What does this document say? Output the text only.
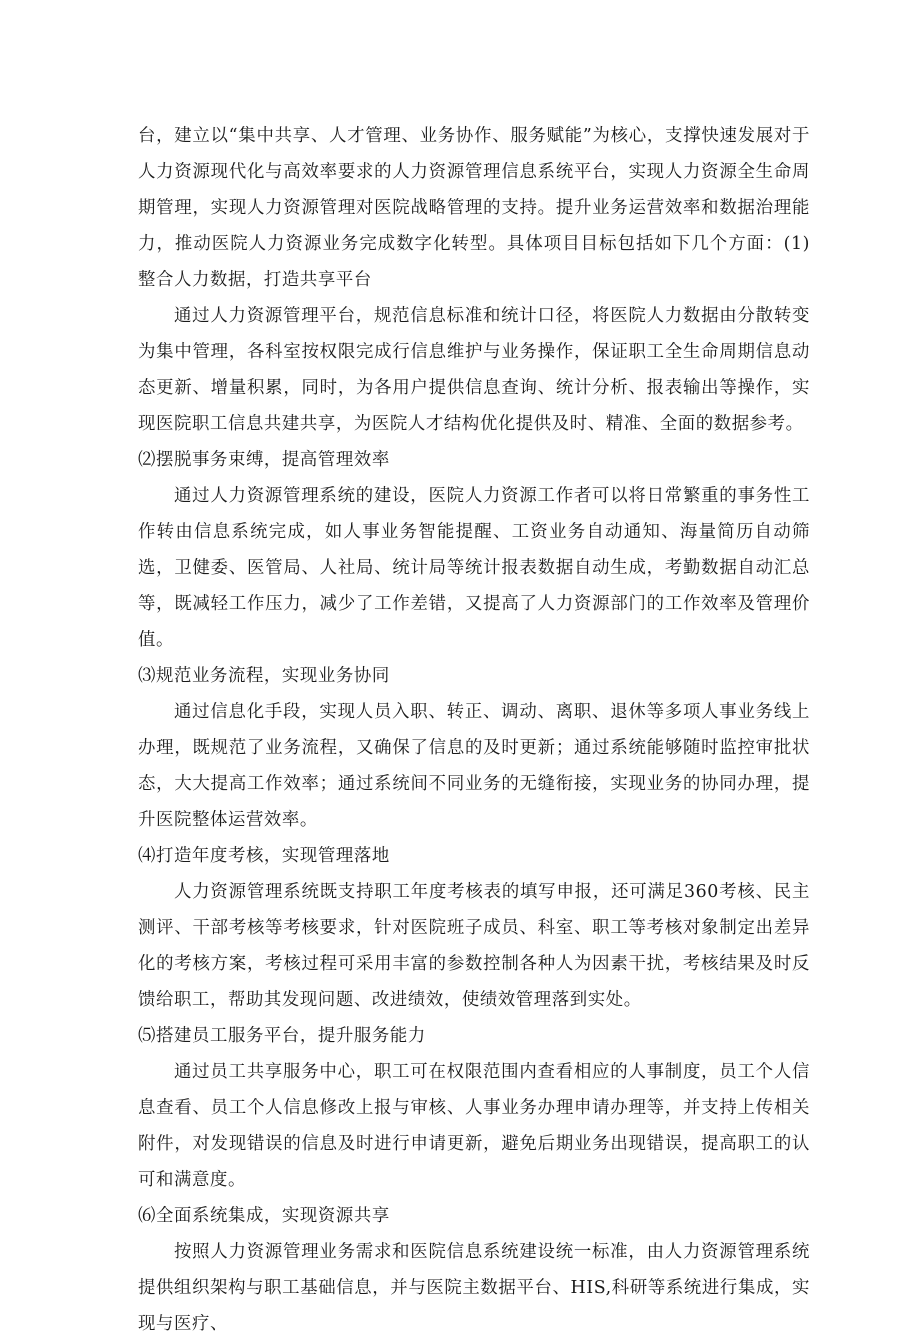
台，建立以“集中共享、人才管理、业务协作、服务赋能”为核心，支撑快速发展对于人力资源现代化与高效率要求的人力资源管理信息系统平台，实现人力资源全生命周期管理，实现人力资源管理对医院战略管理的支持。提升业务运营效率和数据治理能力，推动医院人力资源业务完成数字化转型。具体项目目标包括如下几个方面：(1)整合人力数据，打造共享平台

通过人力资源管理平台，规范信息标准和统计口径，将医院人力数据由分散转变为集中管理，各科室按权限完成行信息维护与业务操作，保证职工全生命周期信息动态更新、增量积累，同时，为各用户提供信息查询、统计分析、报表输出等操作，实现医院职工信息共建共享，为医院人才结构优化提供及时、精准、全面的数据参考。

⑵摆脱事务束缚，提高管理效率

通过人力资源管理系统的建设，医院人力资源工作者可以将日常繁重的事务性工作转由信息系统完成，如人事业务智能提醒、工资业务自动通知、海量简历自动筛选，卫健委、医管局、人社局、统计局等统计报表数据自动生成，考勤数据自动汇总等，既减轻工作压力，减少了工作差错，又提高了人力资源部门的工作效率及管理价值。

⑶规范业务流程，实现业务协同

通过信息化手段，实现人员入职、转正、调动、离职、退休等多项人事业务线上办理，既规范了业务流程，又确保了信息的及时更新；通过系统能够随时监控审批状态，大大提高工作效率；通过系统间不同业务的无缝衔接，实现业务的协同办理，提升医院整体运营效率。

⑷打造年度考核，实现管理落地

人力资源管理系统既支持职工年度考核表的填写申报，还可满足360考核、民主测评、干部考核等考核要求，针对医院班子成员、科室、职工等考核对象制定出差异化的考核方案，考核过程可采用丰富的参数控制各种人为因素干扰，考核结果及时反馈给职工，帮助其发现问题、改进绩效，使绩效管理落到实处。

⑸搭建员工服务平台，提升服务能力

通过员工共享服务中心，职工可在权限范围内查看相应的人事制度，员工个人信息查看、员工个人信息修改上报与审核、人事业务办理申请办理等，并支持上传相关附件，对发现错误的信息及时进行申请更新，避免后期业务出现错误，提高职工的认可和满意度。

⑹全面系统集成，实现资源共享

按照人力资源管理业务需求和医院信息系统建设统一标准，由人力资源管理系统提供组织架构与职工基础信息，并与医院主数据平台、HIS,科研等系统进行集成，实现与医疗、
